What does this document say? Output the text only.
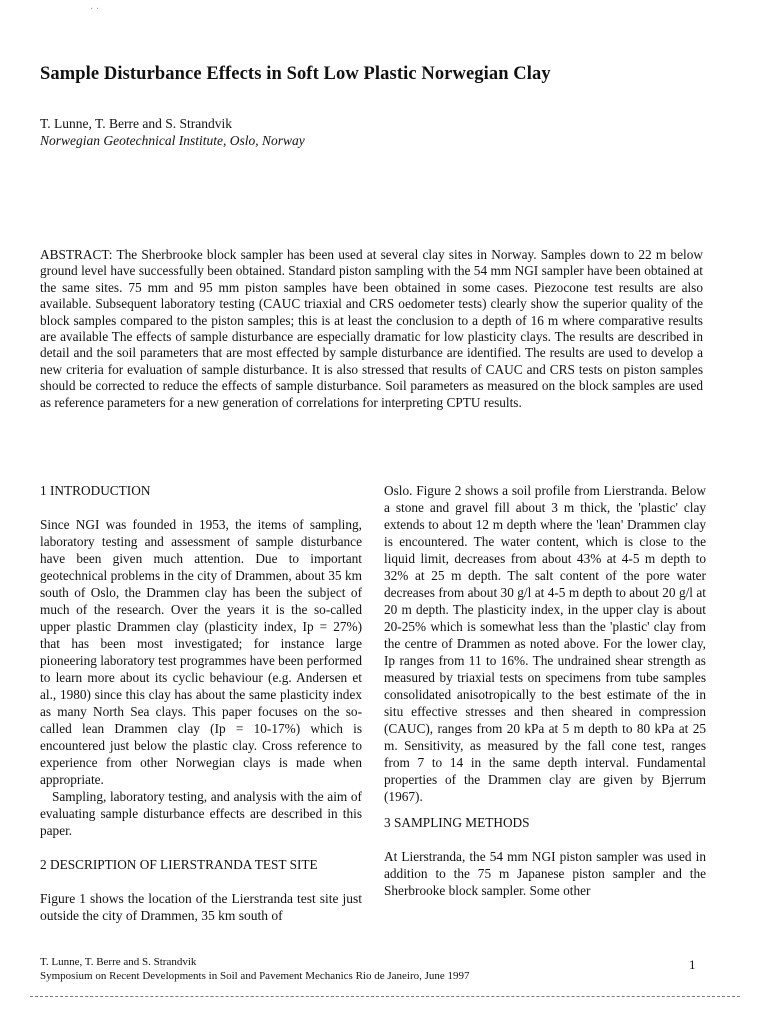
· ·
Sample Disturbance Effects in Soft Low Plastic Norwegian Clay
T. Lunne, T. Berre and S. Strandvik
Norwegian Geotechnical Institute, Oslo, Norway

ABSTRACT: The Sherbrooke block sampler has been used at several clay sites in Norway. Samples down to 22 m below ground level have successfully been obtained. Standard piston sampling with the 54 mm NGI sampler have been obtained at the same sites. 75 mm and 95 mm piston samples have been obtained in some cases. Piezocone test results are also available. Subsequent laboratory testing (CAUC triaxial and CRS oedometer tests) clearly show the superior quality of the block samples compared to the piston samples; this is at least the conclusion to a depth of 16 m where comparative results are available The effects of sample disturbance are especially dramatic for low plasticity clays. The results are described in detail and the soil parameters that are most effected by sample disturbance are identified. The results are used to develop a new criteria for evaluation of sample disturbance. It is also stressed that results of CAUC and CRS tests on piston samples should be corrected to reduce the effects of sample disturbance. Soil parameters as measured on the block samples are used as reference parameters for a new generation of correlations for interpreting CPTU results.

1 INTRODUCTION

Since NGI was founded in 1953, the items of sampling, laboratory testing and assessment of sample disturbance have been given much attention. Due to important geotechnical problems in the city of Drammen, about 35 km south of Oslo, the Drammen clay has been the subject of much of the research. Over the years it is the so-called upper plastic Drammen clay (plasticity index, Ip = 27%) that has been most investigated; for instance large pioneering laboratory test programmes have been performed to learn more about its cyclic behaviour (e.g. Andersen et al., 1980) since this clay has about the same plasticity index as many North Sea clays. This paper focuses on the so-called lean Drammen clay (Ip = 10-17%) which is encountered just below the plastic clay. Cross reference to experience from other Norwegian clays is made when appropriate.

Sampling, laboratory testing, and analysis with the aim of evaluating sample disturbance effects are described in this paper.

2 DESCRIPTION OF LIERSTRANDA TEST SITE

Figure 1 shows the location of the Lierstranda test site just outside the city of Drammen, 35 km south of

Oslo. Figure 2 shows a soil profile from Lierstranda. Below a stone and gravel fill about 3 m thick, the 'plastic' clay extends to about 12 m depth where the 'lean' Drammen clay is encountered. The water content, which is close to the liquid limit, decreases from about 43% at 4-5 m depth to 32% at 25 m depth. The salt content of the pore water decreases from about 30 g/l at 4-5 m depth to about 20 g/l at 20 m depth. The plasticity index, in the upper clay is about 20-25% which is somewhat less than the 'plastic' clay from the centre of Drammen as noted above. For the lower clay, Ip ranges from 11 to 16%. The undrained shear strength as measured by triaxial tests on specimens from tube samples consolidated anisotropically to the best estimate of the in situ effective stresses and then sheared in compression (CAUC), ranges from 20 kPa at 5 m depth to 80 kPa at 25 m. Sensitivity, as measured by the fall cone test, ranges from 7 to 14 in the same depth interval. Fundamental properties of the Drammen clay are given by Bjerrum (1967).

3 SAMPLING METHODS

At Lierstranda, the 54 mm NGI piston sampler was used in addition to the 75 m Japanese piston sampler and the Sherbrooke block sampler. Some other

T. Lunne, T. Berre and S. Strandvik
Symposium on Recent Developments in Soil and Pavement Mechanics Rio de Janeiro, June 1997
1
